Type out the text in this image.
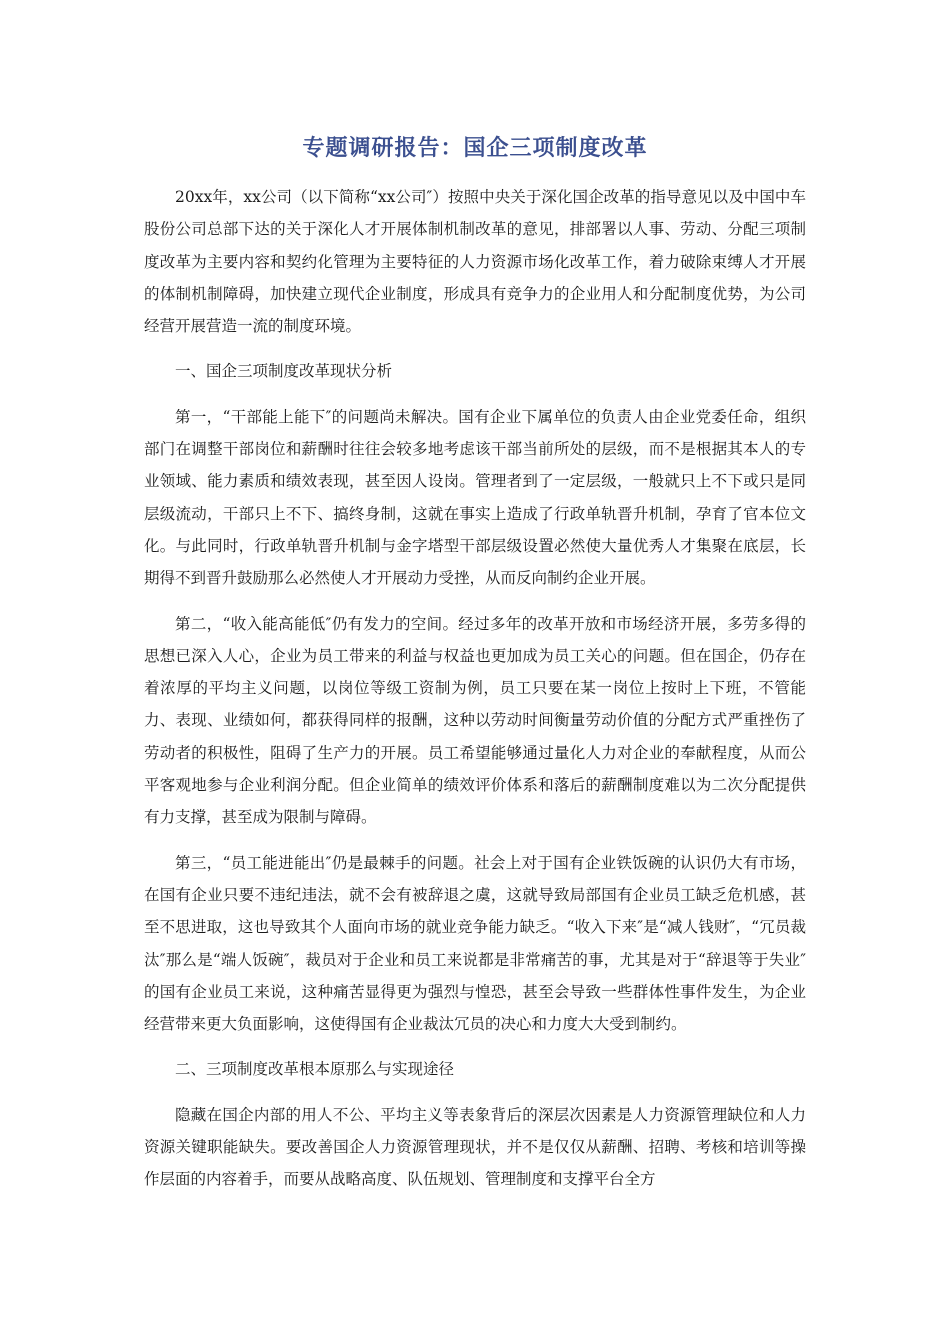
专题调研报告：国企三项制度改革

20xx年，xx公司（以下简称“xx公司″）按照中央关于深化国企改革的指导意见以及中国中车股份公司总部下达的关于深化人才开展体制机制改革的意见，排部署以人事、劳动、分配三项制度改革为主要内容和契约化管理为主要特征的人力资源市场化改革工作，着力破除束缚人才开展的体制机制障碍，加快建立现代企业制度，形成具有竞争力的企业用人和分配制度优势，为公司经营开展营造一流的制度环境。

一、国企三项制度改革现状分析

第一，“干部能上能下″的问题尚未解决。国有企业下属单位的负责人由企业党委任命，组织部门在调整干部岗位和薪酬时往往会较多地考虑该干部当前所处的层级，而不是根据其本人的专业领域、能力素质和绩效表现，甚至因人设岗。管理者到了一定层级，一般就只上不下或只是同层级流动，干部只上不下、搞终身制，这就在事实上造成了行政单轨晋升机制，孕育了官本位文化。与此同时，行政单轨晋升机制与金字塔型干部层级设置必然使大量优秀人才集聚在底层，长期得不到晋升鼓励那么必然使人才开展动力受挫，从而反向制约企业开展。

第二，“收入能高能低″仍有发力的空间。经过多年的改革开放和市场经济开展，多劳多得的思想已深入人心，企业为员工带来的利益与权益也更加成为员工关心的问题。但在国企，仍存在着浓厚的平均主义问题，以岗位等级工资制为例，员工只要在某一岗位上按时上下班，不管能力、表现、业绩如何，都获得同样的报酬，这种以劳动时间衡量劳动价值的分配方式严重挫伤了劳动者的积极性，阻碍了生产力的开展。员工希望能够通过量化人力对企业的奉献程度，从而公平客观地参与企业利润分配。但企业简单的绩效评价体系和落后的薪酬制度难以为二次分配提供有力支撑，甚至成为限制与障碍。

第三，“员工能进能出″仍是最棘手的问题。社会上对于国有企业铁饭碗的认识仍大有市场，在国有企业只要不违纪违法，就不会有被辞退之虞，这就导致局部国有企业员工缺乏危机感，甚至不思进取，这也导致其个人面向市场的就业竞争能力缺乏。“收入下来″是“减人钱财″，“冗员裁汰″那么是“端人饭碗″，裁员对于企业和员工来说都是非常痛苦的事，尤其是对于“辞退等于失业″的国有企业员工来说，这种痛苦显得更为强烈与惶恐，甚至会导致一些群体性事件发生，为企业经营带来更大负面影响，这使得国有企业裁汰冗员的决心和力度大大受到制约。

二、三项制度改革根本原那么与实现途径

隐藏在国企内部的用人不公、平均主义等表象背后的深层次因素是人力资源管理缺位和人力资源关键职能缺失。要改善国企人力资源管理现状，并不是仅仅从薪酬、招聘、考核和培训等操作层面的内容着手，而要从战略高度、队伍规划、管理制度和支撑平台全方
